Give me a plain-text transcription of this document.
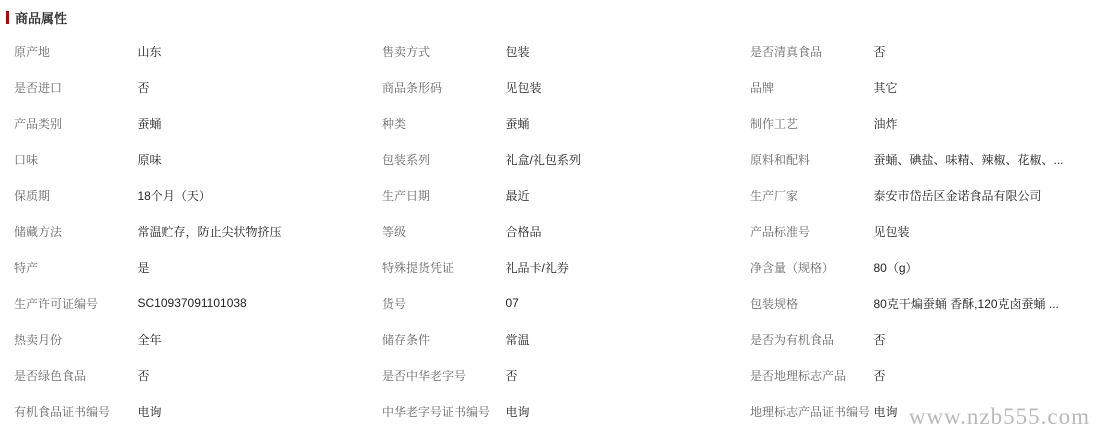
商品属性
原产地	山东		售卖方式	包装		是否清真食品	否
是否进口	否		商品条形码	见包装		品牌	其它
产品类别	蚕蛹		种类	蚕蛹		制作工艺	油炸
口味	原味		包装系列	礼盒/礼包系列		原料和配料	蚕蛹、碘盐、味精、辣椒、花椒、...
保质期	18个月（天）		生产日期	最近		生产厂家	泰安市岱岳区金诺食品有限公司
储藏方法	常温贮存，防止尖状物挤压		等级	合格品		产品标准号	见包装
特产	是		特殊提货凭证	礼品卡/礼券		净含量（规格）	80（g）
生产许可证编号	SC10937091101038		货号	07		包装规格	80克干煸蚕蛹 香酥,120克卤蚕蛹 ...
热卖月份	全年		储存条件	常温		是否为有机食品	否
是否绿色食品	否		是否中华老字号	否		是否地理标志产品	否
有机食品证书编号	电询		中华老字号证书编号	电询		地理标志产品证书编号	电询 www.nzb555.com
